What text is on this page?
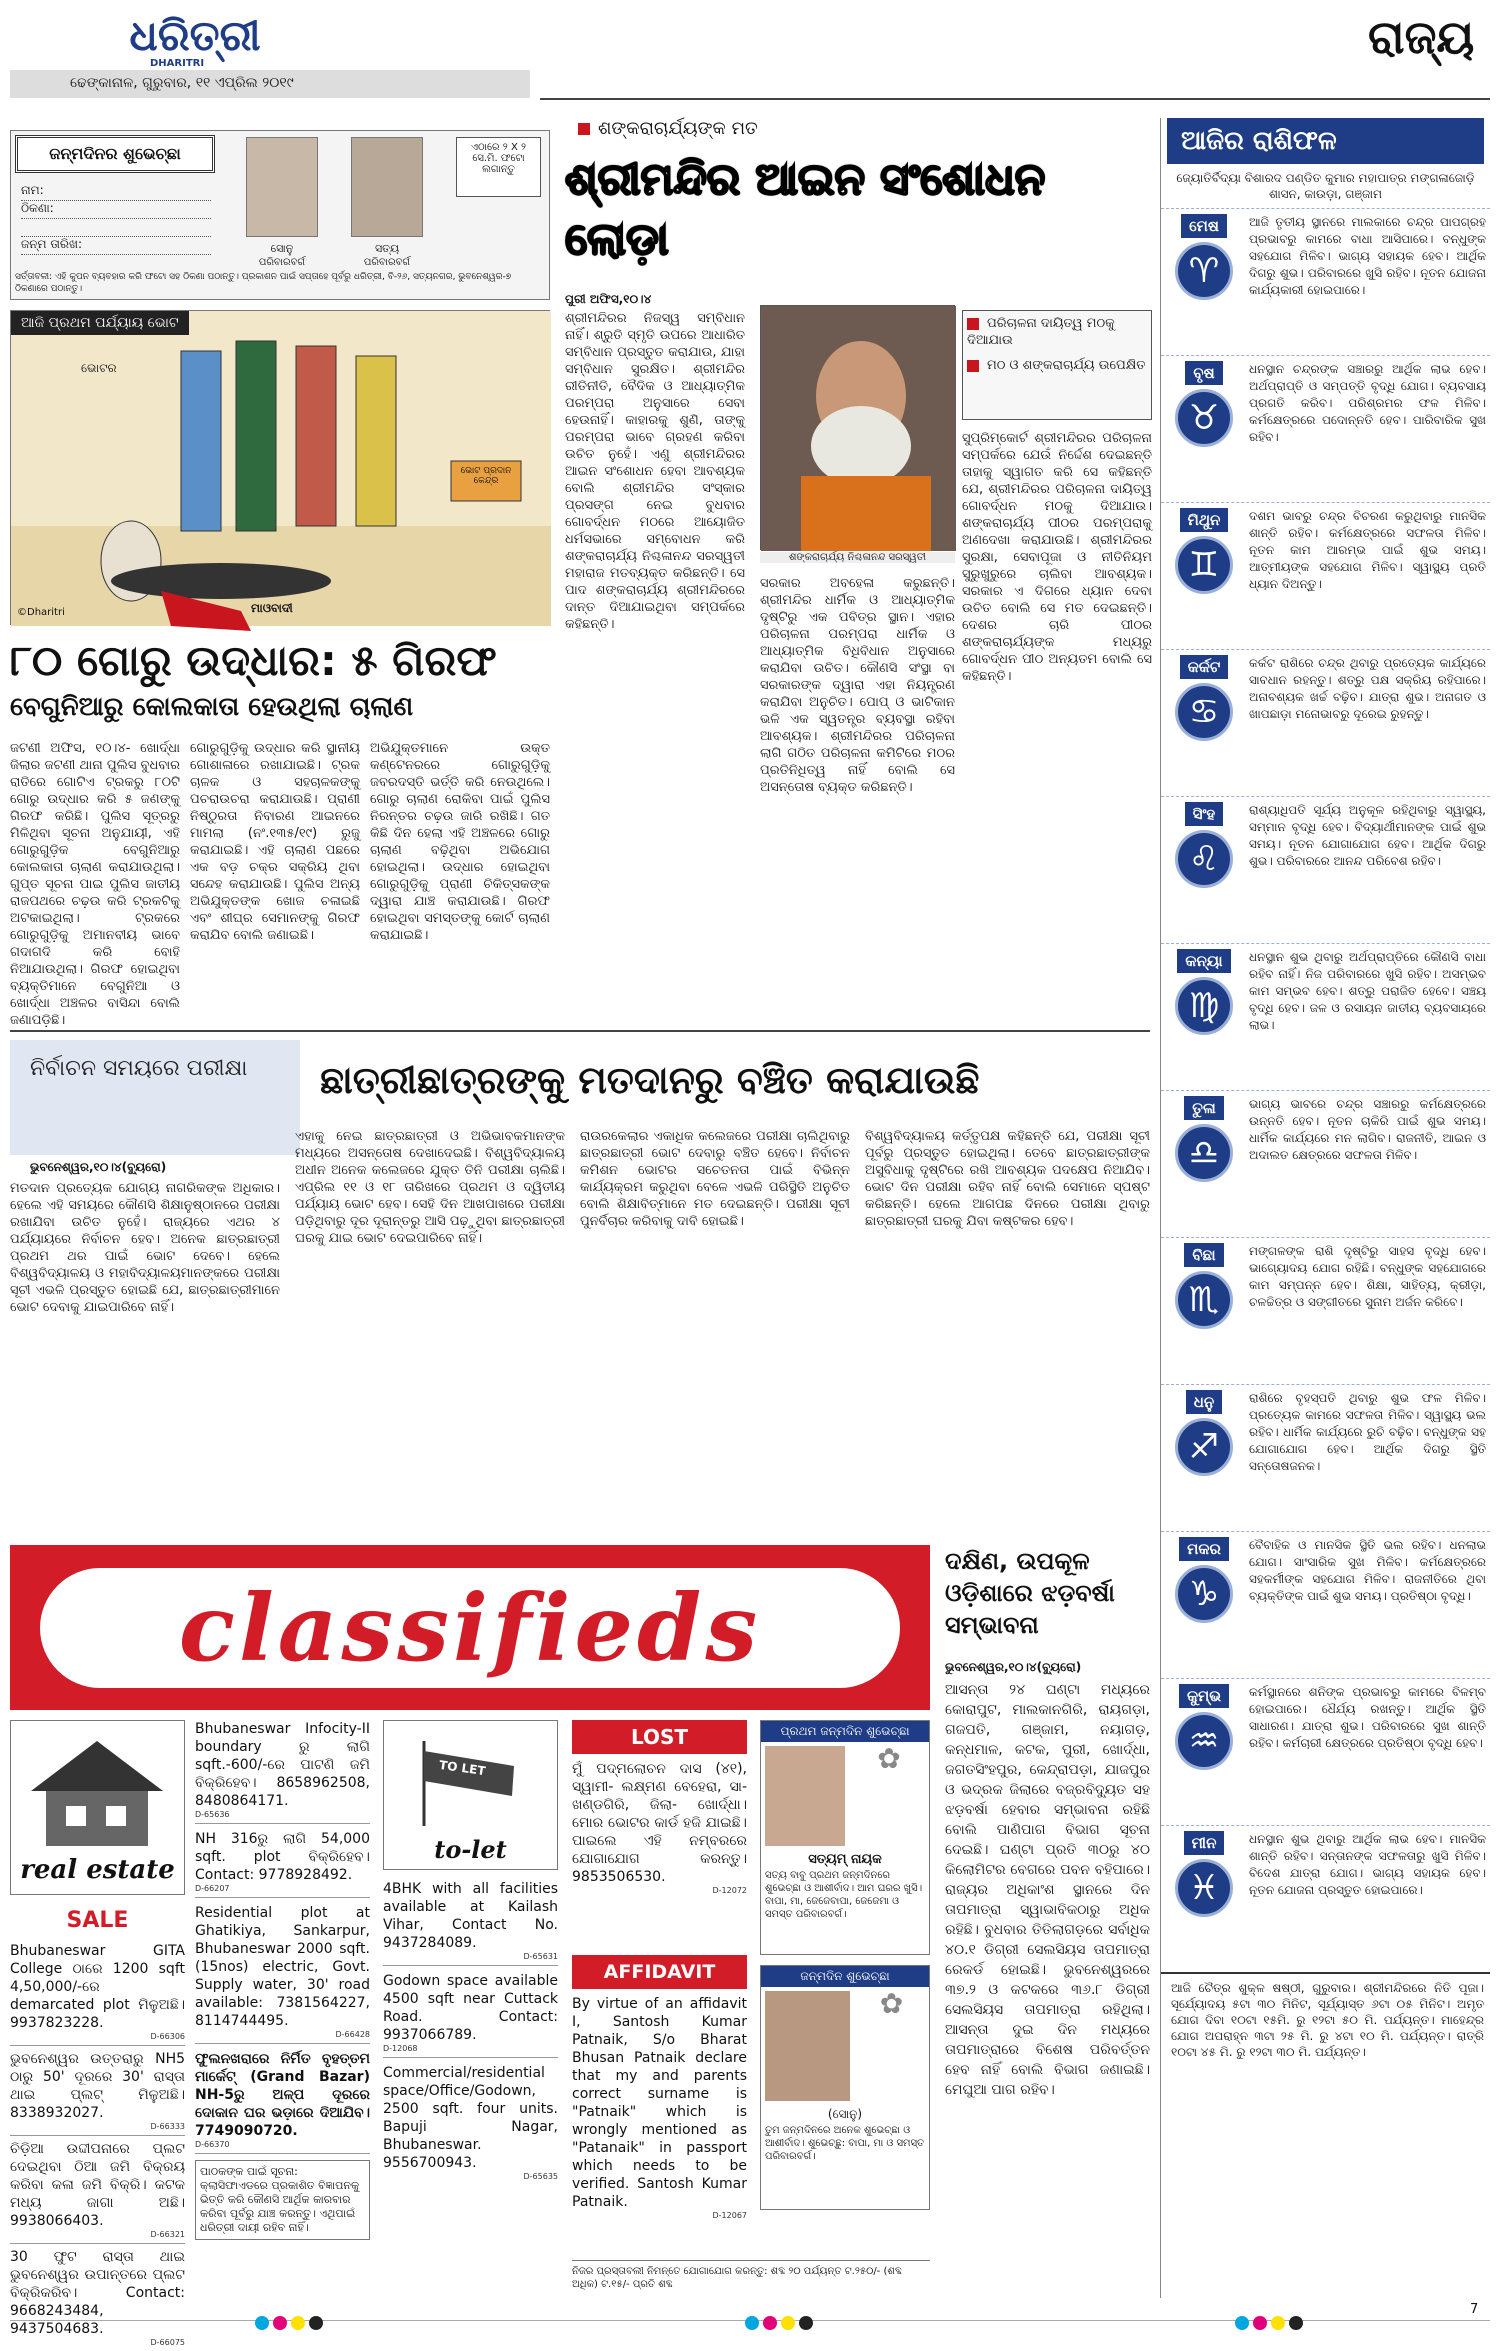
ଧରିତ୍ରୀ
DHARITRI
ଢେଙ୍କାନାଳ, ଗୁରୁବାର, ୧୧ ଏପ୍ରିଲ ୨୦୧୯
ରାଜ୍ୟ
ଜନ୍ମଦିନର ଶୁଭେଚ୍ଛା
ନାମ:
ଠିକଣା:
ଜନ୍ମ ତାରିଖ:	ସୋନୁ
ପରିବାରବର୍ଗ
ସତ୍ୟ
ପରିବାରବର୍ଗ
ଏଠାରେ ୨ X ୨ ସେ.ମି. ଫଟୋ ଲଗାନ୍ତୁ
ସର୍ତ୍ତାବଳୀ: ଏହି କୁପନ ବ୍ୟବହାର କରି ଫଟୋ ସହ ଠିକଣା ପଠାନ୍ତୁ। ପ୍ରକାଶନ ପାଇଁ ସପ୍ତାହେ ପୂର୍ବରୁ ଧରିତ୍ରୀ, ବି-୨୬, ସତ୍ୟନଗର, ଭୁବନେଶ୍ୱର-୭ ଠିକଣାରେ ପଠାନ୍ତୁ।
ଆଜି ପ୍ରଥମ ପର୍ଯ୍ୟାୟ ଭୋଟ
ଭୋଟର
ମାଓବାଦୀ
ଭୋଟ ପ୍ରଦାନ କେନ୍ଦ୍ର
©Dharitri
୮୦ ଗୋରୁ ଉଦ୍ଧାର: ୫ ଗିରଫ
ବେଗୁନିଆରୁ କୋଲକାତା ହେଉଥିଲା ଚାଲାଣ
ଜଟଣୀ ଅଫିସ, ୧୦।୪- ଖୋର୍ଦ୍ଧା ଜିଲାର ଜଟଣୀ ଥାନା ପୁଲିସ ବୁଧବାର ରାତିରେ ଗୋଟିଏ ଟ୍ରକରୁ ୮୦ଟି ଗୋରୁ ଉଦ୍ଧାର କରି ୫ ଜଣଙ୍କୁ ଗିରଫ କରିଛି। ପୁଲିସ ସୂତ୍ରରୁ ମିଳିଥିବା ସୂଚନା ଅନୁଯାୟୀ, ଏହି ଗୋରୁଗୁଡ଼ିକ ବେଗୁନିଆରୁ କୋଲକାତା ଚାଲାଣ କରାଯାଉଥିଲା। ଗୁପ୍ତ ସୂଚନା ପାଇ ପୁଲିସ ଜାତୀୟ ରାଜପଥରେ ଚଢ଼ଉ କରି ଟ୍ରକଟିକୁ ଅଟକାଇଥିଲା। ଟ୍ରକରେ ଗୋରୁଗୁଡ଼ିକୁ ଅମାନବୀୟ ଭାବେ ଗଦାଗଦି କରି ବୋହି ନିଆଯାଉଥିଲା। ଗିରଫ ହୋଇଥିବା ବ୍ୟକ୍ତିମାନେ ବେଗୁନିଆ ଓ ଖୋର୍ଦ୍ଧା ଅଞ୍ଚଳର ବାସିନ୍ଦା ବୋଲି ଜଣାପଡ଼ିଛି।
ଗୋରୁଗୁଡ଼ିକୁ ଉଦ୍ଧାର କରି ସ୍ଥାନୀୟ ଗୋଶାଳାରେ ରଖାଯାଇଛି। ଟ୍ରକ ଚାଳକ ଓ ସହଚାଳକଙ୍କୁ ପଚରାଉଚରା କରାଯାଉଛି। ପ୍ରାଣୀ ନିଷ୍ଠୁରତା ନିବାରଣ ଆଇନରେ ମାମଲା (ନଂ.୧୩୫/୧୯) ରୁଜୁ କରାଯାଇଛି। ଏହି ଚାଲାଣ ପଛରେ ଏକ ବଡ଼ ଚକ୍ର ସକ୍ରିୟ ଥିବା ସନ୍ଦେହ କରାଯାଉଛି। ପୁଲିସ ଅନ୍ୟ ଅଭିଯୁକ୍ତଙ୍କ ଖୋଜ ଚଳାଇଛି ଏବଂ ଶୀଘ୍ର ସେମାନଙ୍କୁ ଗିରଫ କରାଯିବ ବୋଲି ଜଣାଇଛି।
ଅଭିଯୁକ୍ତମାନେ ଉକ୍ତ କଣ୍ଟେନରରେ ଗୋରୁଗୁଡ଼ିକୁ ଜବରଦସ୍ତି ଭର୍ତ୍ତି କରି ନେଉଥିଲେ। ଗୋରୁ ଚାଲାଣ ରୋକିବା ପାଇଁ ପୁଲିସ ନିରନ୍ତର ଚଢ଼ଉ ଜାରି ରଖିଛି। ଗତ କିଛି ଦିନ ହେଲା ଏହି ଅଞ୍ଚଳରେ ଗୋରୁ ଚାଲାଣ ବଢ଼ିଥିବା ଅଭିଯୋଗ ହୋଇଥିଲା। ଉଦ୍ଧାର ହୋଇଥିବା ଗୋରୁଗୁଡ଼ିକୁ ପ୍ରାଣୀ ଚିକିତ୍ସକଙ୍କ ଦ୍ୱାରା ଯାଞ୍ଚ କରାଯାଉଛି। ଗିରଫ ହୋଇଥିବା ସମସ୍ତଙ୍କୁ କୋର୍ଟ ଚାଲାଣ କରାଯାଇଛି।
ଶଙ୍କରାଚାର୍ଯ୍ୟଙ୍କ ମତ
ଶ୍ରୀମନ୍ଦିର ଆଇନ ସଂଶୋଧନ ଲୋଡ଼ା
ପୁରୀ ଅଫିସ,୧୦।୪
ଶ୍ରୀମନ୍ଦିରର ନିଜସ୍ୱ ସମ୍ବିଧାନ ନାହିଁ। ଶ୍ରୁତି ସ୍ମୃତି ଉପରେ ଆଧାରିତ ସମ୍ବିଧାନ ପ୍ରସ୍ତୁତ କରାଯାଉ, ଯାହା ସମ୍ବିଧାନ ସୁରକ୍ଷିତ। ଶ୍ରୀମନ୍ଦିର ରୀତିନୀତି, ବୈଦିକ ଓ ଆଧ୍ୟାତ୍ମିକ ପରମ୍ପରା ଅନୁସାରେ ସେବା ହେଉନାହିଁ। କାହାରକୁ ଶୁଣି, ତାଙ୍କୁ ପରମ୍ପରା ଭାବେ ଗ୍ରହଣ କରିବା ଉଚିତ ନୁହେଁ। ଏଣୁ ଶ୍ରୀମନ୍ଦିରର ଆଇନ ସଂଶୋଧନ ହେବା ଆବଶ୍ୟକ ବୋଲି ଶ୍ରୀମନ୍ଦିର ସଂସ୍କାର ପ୍ରସଙ୍ଗ ନେଇ ବୁଧବାର ଗୋବର୍ଦ୍ଧନ ମଠରେ ଆୟୋଜିତ ଧର୍ମସଭାରେ ସମ୍ବୋଧନ କରି ଶଙ୍କରାଚାର୍ଯ୍ୟ ନିଶ୍ଚଳାନନ୍ଦ ସରସ୍ୱତୀ ମହାରାଜ ମତବ୍ୟକ୍ତ କରିଛନ୍ତି। ସେ ପାଦ ଶଙ୍କରାଚାର୍ଯ୍ୟ ଶ୍ରୀମନ୍ଦିରରେ ଦାନ୍ତ ଦିଆଯାଇଥିବା ସମ୍ପର୍କରେ କହିଛନ୍ତି।
ଶଙ୍କରାଚାର୍ଯ୍ୟ ନିଶ୍ଚଳାନନ୍ଦ ସରସ୍ୱତୀ
ପରିଚାଳନା ଦାୟିତ୍ୱ ମଠକୁ ଦିଆଯାଉ
ମଠ ଓ ଶଙ୍କରାଚାର୍ଯ୍ୟ ଉପେକ୍ଷିତ
ସୁପ୍ରିମ୍‌କୋର୍ଟ ଶ୍ରୀମନ୍ଦିରର ପରିଚାଳନା ସମ୍ପର୍କରେ ଯେଉଁ ନିର୍ଦ୍ଦେଶ ଦେଇଛନ୍ତି ତାହାକୁ ସ୍ୱାଗତ କରି ସେ କହିଛନ୍ତି ଯେ, ଶ୍ରୀମନ୍ଦିରର ପରିଚାଳନା ଦାୟିତ୍ୱ ଗୋବର୍ଦ୍ଧନ ମଠକୁ ଦିଆଯାଉ। ଶଙ୍କରାଚାର୍ଯ୍ୟ ପୀଠର ପରମ୍ପରାକୁ ଅଣଦେଖା କରାଯାଉଛି। ଶ୍ରୀମନ୍ଦିରର ସୁରକ୍ଷା, ସେବାପୂଜା ଓ ନୀତିନିୟମ ସୁରୁଖୁରୁରେ ଚାଲିବା ଆବଶ୍ୟକ। ସରକାର ଏ ଦିଗରେ ଧ୍ୟାନ ଦେବା ଉଚିତ ବୋଲି ସେ ମତ ଦେଇଛନ୍ତି। ଦେଶର ଚାରି ପୀଠର ଶଙ୍କରାଚାର୍ଯ୍ୟଙ୍କ ମଧ୍ୟରୁ ଗୋବର୍ଦ୍ଧନ ପୀଠ ଅନ୍ୟତମ ବୋଲି ସେ କହିଛନ୍ତି।
ସରକାର ଅବହେଳା କରୁଛନ୍ତି। ଶ୍ରୀମନ୍ଦିର ଧାର୍ମିକ ଓ ଆଧ୍ୟାତ୍ମିକ ଦୃଷ୍ଟିରୁ ଏକ ପବିତ୍ର ସ୍ଥାନ। ଏହାର ପରିଚାଳନା ପରମ୍ପରା ଧାର୍ମିକ ଓ ଆଧ୍ୟାତ୍ମିକ ବିଧିବିଧାନ ଅନୁସାରେ କରାଯିବା ଉଚିତ। କୌଣସି ସଂସ୍ଥା ବା ସରକାରଙ୍କ ଦ୍ୱାରା ଏହା ନିୟନ୍ତ୍ରଣ କରାଯିବା ଅନୁଚିତ। ପୋପ୍ ଓ ଭାଟିକାନ ଭଳି ଏକ ସ୍ୱତନ୍ତ୍ର ବ୍ୟବସ୍ଥା ରହିବା ଆବଶ୍ୟକ। ଶ୍ରୀମନ୍ଦିରର ପରିଚାଳନା ଲାଗି ଗଠିତ ପରିଚାଳନା କମିଟିରେ ମଠର ପ୍ରତିନିଧିତ୍ୱ ନାହିଁ ବୋଲି ସେ ଅସନ୍ତୋଷ ବ୍ୟକ୍ତ କରିଛନ୍ତି।
ନିର୍ବାଚନ ସମୟରେ ପରୀକ୍ଷା	ଛାତ୍ରୀଛାତ୍ରଙ୍କୁ ମତଦାନରୁ ବଞ୍ଚିତ କରାଯାଉଛି
ଭୁବନେଶ୍ୱର,୧୦।୪(ବ୍ୟୁରୋ)
ମତଦାନ ପ୍ରତ୍ୟେକ ଯୋଗ୍ୟ ନାଗରିକଙ୍କ ଅଧିକାର। ହେଲେ ଏହି ସମୟରେ କୌଣସି ଶିକ୍ଷାନୁଷ୍ଠାନରେ ପରୀକ୍ଷା ରଖାଯିବା ଉଚିତ ନୁହେଁ। ରାଜ୍ୟରେ ଏଥର ୪ ପର୍ଯ୍ୟାୟରେ ନିର୍ବାଚନ ହେବ। ଅନେକ ଛାତ୍ରଛାତ୍ରୀ ପ୍ରଥମ ଥର ପାଇଁ ଭୋଟ ଦେବେ। ହେଲେ ବିଶ୍ୱବିଦ୍ୟାଳୟ ଓ ମହାବିଦ୍ୟାଳୟମାନଙ୍କରେ ପରୀକ୍ଷା ସୂଚୀ ଏଭଳି ପ୍ରସ୍ତୁତ ହୋଇଛି ଯେ, ଛାତ୍ରଛାତ୍ରୀମାନେ ଭୋଟ ଦେବାକୁ ଯାଇପାରିବେ ନାହିଁ।
ଏହାକୁ ନେଇ ଛାତ୍ରଛାତ୍ରୀ ଓ ଅଭିଭାବକମାନଙ୍କ ମଧ୍ୟରେ ଅସନ୍ତୋଷ ଦେଖାଦେଇଛି। ବିଶ୍ୱବିଦ୍ୟାଳୟ ଅଧୀନ ଅନେକ କଲେଜରେ ଯୁକ୍ତ ତିନି ପରୀକ୍ଷା ଚାଲିଛି। ଏପ୍ରିଲ ୧୧ ଓ ୧୮ ତାରିଖରେ ପ୍ରଥମ ଓ ଦ୍ୱିତୀୟ ପର୍ଯ୍ୟାୟ ଭୋଟ ହେବ। ସେହି ଦିନ ଆଖପାଖରେ ପରୀକ୍ଷା ପଡ଼ିଥିବାରୁ ଦୂର ଦୂରାନ୍ତରୁ ଆସି ପଢ଼ୁଥିବା ଛାତ୍ରଛାତ୍ରୀ ଘରକୁ ଯାଇ ଭୋଟ ଦେଇପାରିବେ ନାହିଁ।
ରାଉରକେଲାର ଏକାଧିକ କଲେଜରେ ପରୀକ୍ଷା ଚାଲିଥିବାରୁ ଛାତ୍ରଛାତ୍ରୀ ଭୋଟ ଦେବାରୁ ବଞ୍ଚିତ ହେବେ। ନିର୍ବାଚନ କମିଶନ ଭୋଟର ସଚେତନତା ପାଇଁ ବିଭିନ୍ନ କାର୍ଯ୍ୟକ୍ରମ କରୁଥିବା ବେଳେ ଏଭଳି ପରିସ୍ଥିତି ଅନୁଚିତ ବୋଲି ଶିକ୍ଷାବିତ୍‌ମାନେ ମତ ଦେଇଛନ୍ତି। ପରୀକ୍ଷା ସୂଚୀ ପୁନର୍ବିଚାର କରିବାକୁ ଦାବି ହୋଇଛି।
ବିଶ୍ୱବିଦ୍ୟାଳୟ କର୍ତ୍ତୃପକ୍ଷ କହିଛନ୍ତି ଯେ, ପରୀକ୍ଷା ସୂଚୀ ପୂର୍ବରୁ ପ୍ରସ୍ତୁତ ହୋଇଥିଲା। ତେବେ ଛାତ୍ରଛାତ୍ରୀଙ୍କ ଅସୁବିଧାକୁ ଦୃଷ୍ଟିରେ ରଖି ଆବଶ୍ୟକ ପଦକ୍ଷେପ ନିଆଯିବ। ଭୋଟ ଦିନ ପରୀକ୍ଷା ରହିବ ନାହିଁ ବୋଲି ସେମାନେ ସ୍ପଷ୍ଟ କରିଛନ୍ତି। ହେଲେ ଆଗପଛ ଦିନରେ ପରୀକ୍ଷା ଥିବାରୁ ଛାତ୍ରଛାତ୍ରୀ ଘରକୁ ଯିବା କଷ୍ଟକର ହେବ।
classifieds
real estate
SALE
Bhubaneswar GITA College ଠାରେ 1200 sqft 4,50,000/-ରେ demarcated plot ମିଳୁଅଛି। 9937823228.
D-66306
ଭୁବନେଶ୍ୱର ଉତ୍ତରାରୁ NH5 ଠାରୁ 50' ଦୂରରେ 30' ରାସ୍ତା ଥାଇ ପ୍ଲଟ୍ ମିଳୁଅଛି। 8338932027.
D-66333
ଚିଡ଼ିଆ ଉଦ୍ଦୀପନାରେ ପ୍ଲଟ ଦେଇଥିବା ଠିଆ ଜମି ବିକ୍ରୟ କରିବା କଳା ଜମି ବିକ୍ରି। କଟକ ମଧ୍ୟ ଜାଗା ଅଛି। 9938066403.
D-66321
30 ଫୁଟ ରାସ୍ତା ଥାଇ ଭୁବନେଶ୍ୱର ଉପାନ୍ତରେ ପ୍ଲଟ ବିକ୍ରିକରିବ। Contact: 9668243484, 9437504683.
D-66075
Bhubaneswar Infocity-II boundary ରୁ ଲାଗି sqft.-600/-ରେ ପାଟଣି ଜମି ବିକ୍ରିହେବ। 8658962508, 8480864171.
D-65636
NH 316ରୁ ଲାଗି 54,000 sqft. plot ବିକ୍ରିହେବ। Contact: 9778928492.
D-66207
Residential plot at Ghatikiya, Sankarpur, Bhubaneswar 2000 sqft. (15nos) electric, Govt. Supply water, 30' road available: 7381564227, 8114744495.
D-66428
ଫୁଲନଖରାରେ ନିର୍ମିତ ବୃହତ୍ତମ ମାର୍କେଟ୍ (Grand Bazar) NH-5ରୁ ଅଳ୍ପ ଦୂରରେ ଦୋକାନ ଘର ଭଡ଼ାରେ ଦିଆଯିବ। 7749090720.
D-66370
ପାଠକଙ୍କ ପାଇଁ ସୂଚନା: କ୍ଲାସିଫାଏଡରେ ପ୍ରକାଶିତ ବିଜ୍ଞାପନକୁ ଭିତ୍ତି କରି କୌଣସି ଆର୍ଥିକ କାରବାର କରିବା ପୂର୍ବରୁ ଯାଞ୍ଚ କରନ୍ତୁ। ଏଥିପାଇଁ ଧରିତ୍ରୀ ଦାୟୀ ରହିବ ନାହିଁ।
TO LET
to-let
4BHK with all facilities available at Kailash Vihar, Contact No. 9437284089.
D-65631
Godown space available 4500 sqft near Cuttack Road. Contact: 9937066789.
D-12068
Commercial/residential space/Office/Godown, 2500 sqft. four units. Bapuji Nagar, Bhubaneswar. 9556700943.
D-65635
LOST
ମୁଁ ପଦ୍ମଲୋଚନ ଦାସ (୪୧), ସ୍ୱାମୀ- ଲକ୍ଷ୍ମଣ ବେହେରା, ସା- ଖଣ୍ଡଗିରି, ଜିଲା- ଖୋର୍ଦ୍ଧା। ମୋର ଭୋଟର କାର୍ଡ ହଜି ଯାଇଛି। ପାଇଲେ ଏହି ନମ୍ବରରେ ଯୋଗାଯୋଗ କରନ୍ତୁ। 9853506530.
D-12072
AFFIDAVIT
By virtue of an affidavit I, Santosh Kumar Patnaik, S/o Bharat Bhusan Patnaik declare that my and parents correct surname is "Patnaik" which is wrongly mentioned as "Patanaik" in passport which needs to be verified. Santosh Kumar Patnaik.
D-12067
ପ୍ରଥମ ଜନ୍ମଦିନ ଶୁଭେଚ୍ଛା
✿
ସତ୍ୟମ୍ ନାୟକ
ସତ୍ୟ ବାବୁ ପ୍ରଥମ ଜନ୍ମଦିନରେ ଶୁଭେଚ୍ଛା ଓ ଆଶୀର୍ବାଦ। ଆମ ଘରର ଖୁସି। ବାପା, ମା, ଜେଜେବାପା, ଜେଜେମା ଓ ସମସ୍ତ ପରିବାରବର୍ଗ।
ଜନ୍ମଦିନ ଶୁଭେଚ୍ଛା
✿
(ସୋନୁ)
ତୁମ ଜନ୍ମଦିନରେ ଅନେକ ଶୁଭେଚ୍ଛା ଓ ଆଶୀର୍ବାଦ। ଶୁଭେଚ୍ଛୁ: ବାପା, ମା ଓ ସମସ୍ତ ପରିବାରବର୍ଗ।
ନିଜର ପ୍ରସ୍ତାବଲୀ ନିମନ୍ତେ ଯୋଗାଯୋଗ କରନ୍ତୁ: ଶବ୍ଦ ୨୦ ପର୍ଯ୍ୟନ୍ତ ଟ.୨୫୦/- (ଶବ୍ଦ ଅଧିକ) ଟ.୧୫/- ପ୍ରତି ଶବ୍ଦ
ଦକ୍ଷିଣ, ଉପକୂଳ ଓଡ଼ିଶାରେ ଝଡ଼ବର୍ଷା ସମ୍ଭାବନା
ଭୁବନେଶ୍ୱର,୧୦।୪(ବ୍ୟୁରୋ)
ଆସନ୍ତା ୨୪ ଘଣ୍ଟା ମଧ୍ୟରେ କୋରାପୁଟ, ମାଲକାନଗିରି, ରାୟଗଡ଼ା, ଗଜପତି, ଗଞ୍ଜାମ, ନୟାଗଡ଼, କନ୍ଧମାଳ, କଟକ, ପୁରୀ, ଖୋର୍ଦ୍ଧା, ଜଗତସିଂହପୁର, କେନ୍ଦ୍ରାପଡ଼ା, ଯାଜପୁର ଓ ଭଦ୍ରକ ଜିଲାରେ ବଜ୍ରବିଦ୍ୟୁତ ସହ ଝଡ଼ବର୍ଷା ହେବାର ସମ୍ଭାବନା ରହିଛି ବୋଲି ପାଣିପାଗ ବିଭାଗ ସୂଚନା ଦେଇଛି। ଘଣ୍ଟା ପ୍ରତି ୩୦ରୁ ୪୦ କିଲୋମିଟର ବେଗରେ ପବନ ବହିପାରେ। ରାଜ୍ୟର ଅଧିକାଂଶ ସ୍ଥାନରେ ଦିନ ତାପମାତ୍ରା ସ୍ୱାଭାବିକଠାରୁ ଅଧିକ ରହିଛି। ବୁଧବାର ତିତିଲାଗଡ଼ରେ ସର୍ବାଧିକ ୪୦.୧ ଡିଗ୍ରୀ ସେଲସିୟସ ତାପମାତ୍ରା ରେକର୍ଡ ହୋଇଛି। ଭୁବନେଶ୍ୱରରେ ୩୭.୨ ଓ କଟକରେ ୩୬.୮ ଡିଗ୍ରୀ ସେଲସିୟସ ତାପମାତ୍ରା ରହିଥିଲା। ଆସନ୍ତା ଦୁଇ ଦିନ ମଧ୍ୟରେ ତାପମାତ୍ରାରେ ବିଶେଷ ପରିବର୍ତ୍ତନ ହେବ ନାହିଁ ବୋଲି ବିଭାଗ ଜଣାଇଛି। ମେଘୁଆ ପାଗ ରହିବ।
ଆଜିର ରାଶିଫଳ
ଜ୍ୟୋତିର୍ବିଦ୍ୟା ବିଶାରଦ ପଣ୍ଡିତ କୁମାର ମହାପାତ୍ର ମଙ୍ଗଳାଜୋଡ଼ି ଶାସନ, କାଉଡ଼ା, ଗଞ୍ଜାମ
ମେଷ
♈
ଆଜି ତୃତୀୟ ସ୍ଥାନରେ ମାଲକାରେ ଚନ୍ଦ୍ର ପାପଗ୍ରହ ପ୍ରଭାବରୁ କାମରେ ବାଧା ଆସିପାରେ। ବନ୍ଧୁଙ୍କ ସହଯୋଗ ମିଳିବ। ଭାଗ୍ୟ ସହାୟକ ହେବ। ଆର୍ଥିକ ଦିଗରୁ ଶୁଭ। ପରିବାରରେ ଖୁସି ରହିବ। ନୂତନ ଯୋଜନା କାର୍ଯ୍ୟକାରୀ ହୋଇପାରେ।
ବୃଷ
♉
ଧନସ୍ଥାନ ଚନ୍ଦ୍ରଙ୍କ ସଞ୍ଚାରରୁ ଆର୍ଥିକ ଲାଭ ହେବ। ଅର୍ଥପ୍ରାପ୍ତି ଓ ସମ୍ପତ୍ତି ବୃଦ୍ଧି ଯୋଗ। ବ୍ୟବସାୟ ପ୍ରଗତି କରିବ। ପରିଶ୍ରମର ଫଳ ମିଳିବ। କର୍ମକ୍ଷେତ୍ରରେ ପଦୋନ୍ନତି ହେବ। ପାରିବାରିକ ସୁଖ ରହିବ।
ମିଥୁନ
♊
ଦଶମ ଭାବରୁ ଚନ୍ଦ୍ର ବିଚରଣ କରୁଥିବାରୁ ମାନସିକ ଶାନ୍ତି ରହିବ। କର୍ମକ୍ଷେତ୍ରରେ ସଫଳତା ମିଳିବ। ନୂତନ କାମ ଆରମ୍ଭ ପାଇଁ ଶୁଭ ସମୟ। ଆତ୍ମୀୟଙ୍କ ସହଯୋଗ ମିଳିବ। ସ୍ୱାସ୍ଥ୍ୟ ପ୍ରତି ଧ୍ୟାନ ଦିଅନ୍ତୁ।
କର୍କଟ
♋
କର୍କଟ ରାଶିରେ ଚନ୍ଦ୍ର ଥିବାରୁ ପ୍ରତ୍ୟେକ କାର୍ଯ୍ୟରେ ସାବଧାନ ରହନ୍ତୁ। ଶତ୍ରୁ ପକ୍ଷ ସକ୍ରିୟ ରହିପାରେ। ଅନାବଶ୍ୟକ ଖର୍ଚ୍ଚ ବଢ଼ିବ। ଯାତ୍ରା ଶୁଭ। ଅନାଗତ ଓ ଖାପଛାଡ଼ା ମନୋଭାବରୁ ଦୂରେଇ ରୁହନ୍ତୁ।
ସିଂହ
♌
ରାଶ୍ୟାଧିପତି ସୂର୍ଯ୍ୟ ଅନୁକୂଳ ରହିଥିବାରୁ ସ୍ୱାସ୍ଥ୍ୟ, ସମ୍ମାନ ବୃଦ୍ଧି ହେବ। ବିଦ୍ୟାର୍ଥୀମାନଙ୍କ ପାଇଁ ଶୁଭ ସମୟ। ନୂତନ ଯୋଗାଯୋଗ ହେବ। ଆର୍ଥିକ ଦିଗରୁ ଶୁଭ। ପରିବାରରେ ଆନନ୍ଦ ପରିବେଶ ରହିବ।
କନ୍ୟା
♍
ଧନସ୍ଥାନ ଶୁଭ ଥିବାରୁ ଅର୍ଥପ୍ରାପ୍ତିରେ କୌଣସି ବାଧା ରହିବ ନାହିଁ। ନିଜ ପରିବାରରେ ଖୁସି ରହିବ। ଅସମ୍ଭବ କାମ ସମ୍ଭବ ହେବ। ଶତ୍ରୁ ପରାଜିତ ହେବେ। ସଞ୍ଚୟ ବୃଦ୍ଧି ହେବ। ଜଳ ଓ ରସାୟନ ଜାତୀୟ ବ୍ୟବସାୟରେ ଲାଭ।
ତୁଳା
♎
ଭାଗ୍ୟ ଭାବରେ ଚନ୍ଦ୍ର ସଞ୍ଚାରରୁ କର୍ମକ୍ଷେତ୍ରରେ ଉନ୍ନତି ହେବ। ନୂତନ ଚାକିରି ପାଇଁ ଶୁଭ ସମୟ। ଧାର୍ମିକ କାର୍ଯ୍ୟରେ ମନ ଲାଗିବ। ରାଜନୀତି, ଆଇନ ଓ ଅଦାଲତ କ୍ଷେତ୍ରରେ ସଫଳତା ମିଳିବ।
ବିଛା
♏
ମଙ୍ଗଳଙ୍କ ରାଶି ଦୃଷ୍ଟିରୁ ସାହସ ବୃଦ୍ଧି ହେବ। ଭାଗ୍ୟୋଦୟ ଯୋଗ ରହିଛି। ବନ୍ଧୁଙ୍କ ସହଯୋଗରେ କାମ ସମ୍ପନ୍ନ ହେବ। ଶିକ୍ଷା, ସାହିତ୍ୟ, କ୍ରୀଡ଼ା, ଚଳଚ୍ଚିତ୍ର ଓ ସଙ୍ଗୀତରେ ସୁନାମ ଅର୍ଜନ କରିବେ।
ଧନୁ
♐
ରାଶିରେ ବୃହସ୍ପତି ଥିବାରୁ ଶୁଭ ଫଳ ମିଳିବ। ପ୍ରତ୍ୟେକ କାମରେ ସଫଳତା ମିଳିବ। ସ୍ୱାସ୍ଥ୍ୟ ଭଲ ରହିବ। ଧାର୍ମିକ କାର୍ଯ୍ୟରେ ରୁଚି ବଢ଼ିବ। ବନ୍ଧୁଙ୍କ ସହ ଯୋଗାଯୋଗ ହେବ। ଆର୍ଥିକ ଦିଗରୁ ସ୍ଥିତି ସନ୍ତୋଷଜନକ।
ମକର
♑
ବୈବାହିକ ଓ ମାନସିକ ସ୍ଥିତି ଭଲ ରହିବ। ଧନଲାଭ ଯୋଗ। ସାଂସାରିକ ସୁଖ ମିଳିବ। କର୍ମକ୍ଷେତ୍ରରେ ସହକର୍ମୀଙ୍କ ସହଯୋଗ ମିଳିବ। ରାଜନୀତିରେ ଥିବା ବ୍ୟକ୍ତିଙ୍କ ପାଇଁ ଶୁଭ ସମୟ। ପ୍ରତିଷ୍ଠା ବୃଦ୍ଧି।
କୁମ୍ଭ
♒
କର୍ମସ୍ଥାନରେ ଶନିଙ୍କ ପ୍ରଭାବରୁ କାମରେ ବିଳମ୍ବ ହୋଇପାରେ। ଧୈର୍ଯ୍ୟ ରଖନ୍ତୁ। ଆର୍ଥିକ ସ୍ଥିତି ସାଧାରଣ। ଯାତ୍ରା ଶୁଭ। ପରିବାରରେ ସୁଖ ଶାନ୍ତି ରହିବ। କର୍ମଚାରୀ କ୍ଷେତ୍ରରେ ପ୍ରତିଷ୍ଠା ବୃଦ୍ଧି ହେବ।
ମୀନ
♓
ଧନସ୍ଥାନ ଶୁଭ ଥିବାରୁ ଆର୍ଥିକ ଲାଭ ହେବ। ମାନସିକ ଶାନ୍ତି ରହିବ। ସନ୍ତାନଙ୍କ ସଫଳତାରୁ ଖୁସି ମିଳିବ। ବିଦେଶ ଯାତ୍ରା ଯୋଗ। ଭାଗ୍ୟ ସହାୟକ ହେବ। ନୂତନ ଯୋଜନା ପ୍ରସ୍ତୁତ ହୋଇପାରେ।
ଆଜି ଚୈତ୍ର ଶୁକ୍ଳ ଷଷ୍ଠୀ, ଗୁରୁବାର। ଶ୍ରୀମନ୍ଦିରରେ ନିତି ପୂଜା। ସୂର୍ଯ୍ୟୋଦୟ ୫ଟା ୩୦ ମିନିଟ, ସୂର୍ଯ୍ୟାସ୍ତ ୬ଟା ୦୫ ମିନିଟ। ଅମୃତ ଯୋଗ ଦିବା ୧୦ଟା ୧୫ମି. ରୁ ୧୨ଟା ୫୦ ମି. ପର୍ଯ୍ୟନ୍ତ। ମାହେନ୍ଦ୍ର ଯୋଗ ଅପରାହ୍ନ ୩ଟା ୨୫ ମି. ରୁ ୪ଟା ୧୦ ମି. ପର୍ଯ୍ୟନ୍ତ। ରାତ୍ରି ୧୦ଟା ୪୫ ମି. ରୁ ୧୨ଟା ୩୦ ମି. ପର୍ଯ୍ୟନ୍ତ।
7
